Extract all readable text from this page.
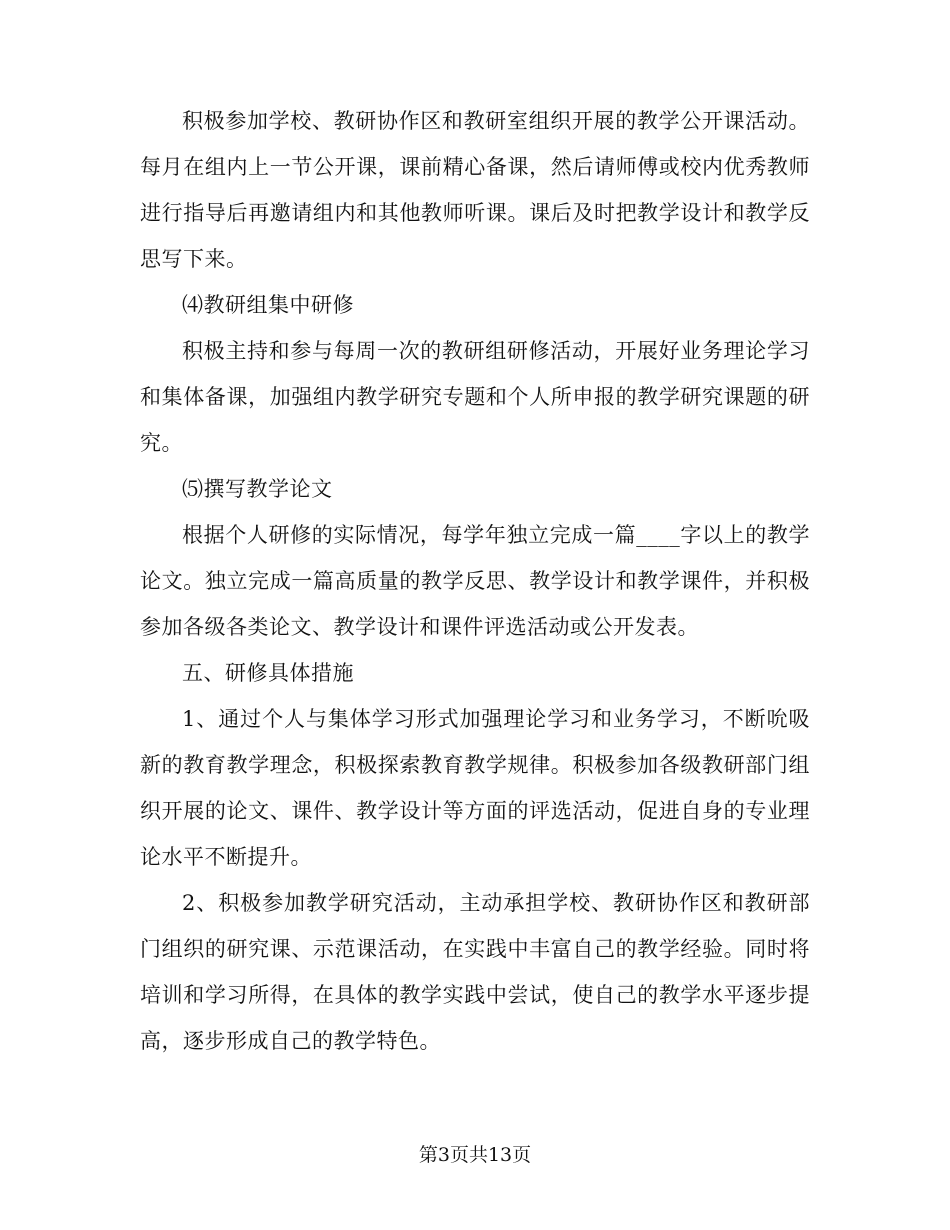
积极参加学校、教研协作区和教研室组织开展的教学公开课活动。每月在组内上一节公开课，课前精心备课，然后请师傅或校内优秀教师进行指导后再邀请组内和其他教师听课。课后及时把教学设计和教学反思写下来。

⑷教研组集中研修

积极主持和参与每周一次的教研组研修活动，开展好业务理论学习和集体备课，加强组内教学研究专题和个人所申报的教学研究课题的研究。

⑸撰写教学论文

根据个人研修的实际情况，每学年独立完成一篇____字以上的教学论文。独立完成一篇高质量的教学反思、教学设计和教学课件，并积极参加各级各类论文、教学设计和课件评选活动或公开发表。

五、研修具体措施

1、通过个人与集体学习形式加强理论学习和业务学习，不断吮吸新的教育教学理念，积极探索教育教学规律。积极参加各级教研部门组织开展的论文、课件、教学设计等方面的评选活动，促进自身的专业理论水平不断提升。

2、积极参加教学研究活动，主动承担学校、教研协作区和教研部门组织的研究课、示范课活动，在实践中丰富自己的教学经验。同时将培训和学习所得，在具体的教学实践中尝试，使自己的教学水平逐步提高，逐步形成自己的教学特色。

第3页共13页
